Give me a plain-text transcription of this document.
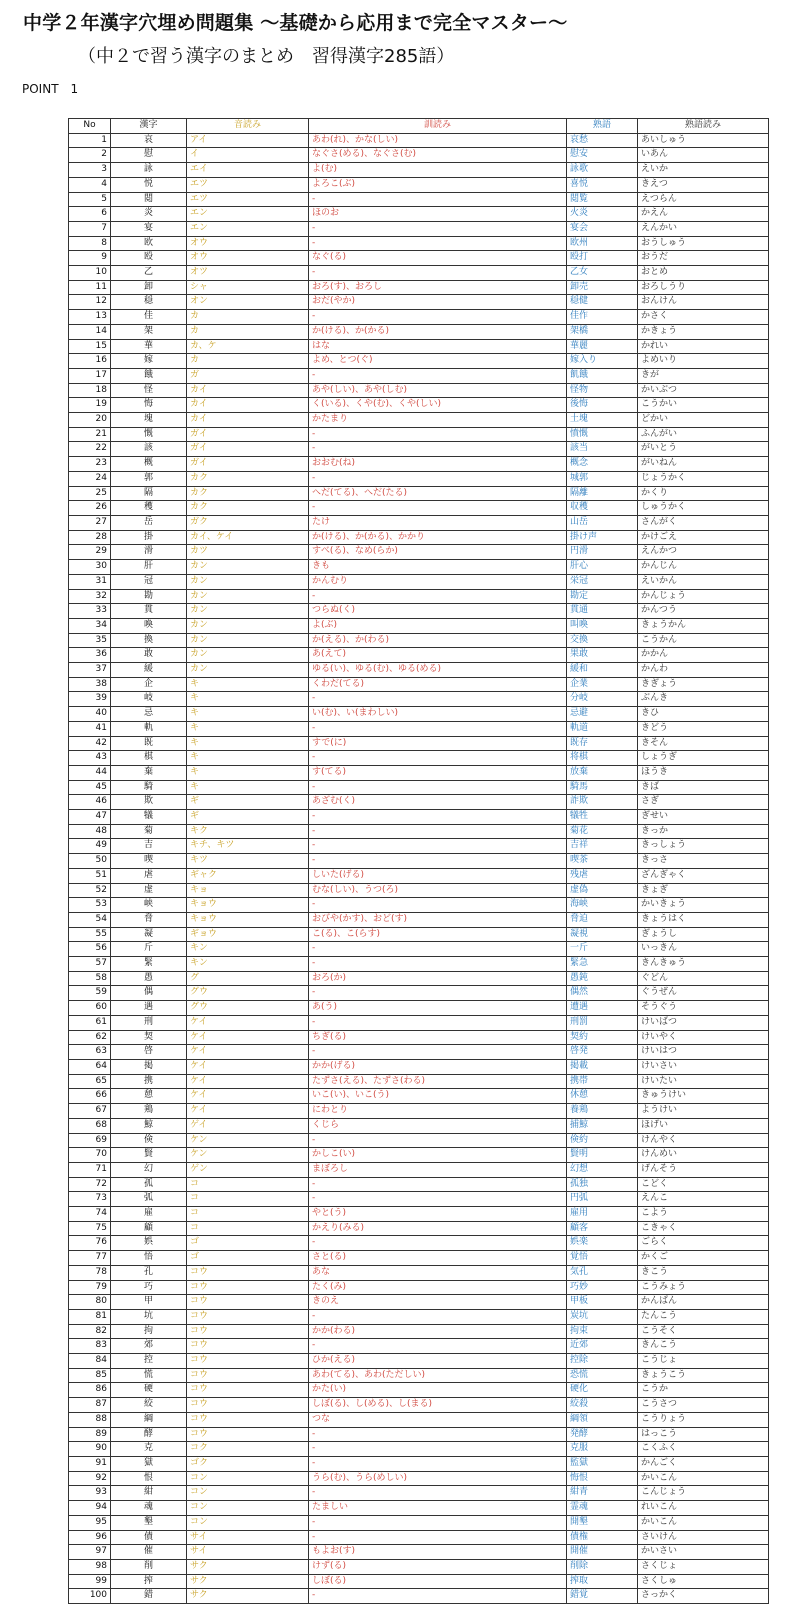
中学２年漢字穴埋め問題集 〜基礎から応用まで完全マスター〜
（中２で習う漢字のまとめ　習得漢字285語）
POINT　1
No	漢字	音読み	訓読み	熟語	熟語読み
1	哀	アイ	あわ(れ)、かな(しい)	哀愁	あいしゅう
2	慰	イ	なぐさ(める)、なぐさ(む)	慰安	いあん
3	詠	エイ	よ(む)	詠歌	えいか
4	悦	エツ	よろこ(ぶ)	喜悦	きえつ
5	閲	エツ	-	閲覧	えつらん
6	炎	エン	ほのお	火炎	かえん
7	宴	エン	-	宴会	えんかい
8	欧	オウ	-	欧州	おうしゅう
9	殴	オウ	なぐ(る)	殴打	おうだ
10	乙	オツ	-	乙女	おとめ
11	卸	シャ	おろ(す)、おろし	卸売	おろしうり
12	穏	オン	おだ(やか)	穏健	おんけん
13	佳	カ	-	佳作	かさく
14	架	カ	か(ける)、か(かる)	架橋	かきょう
15	華	カ、ケ	はな	華麗	かれい
16	嫁	カ	よめ、とつ(ぐ)	嫁入り	よめいり
17	餓	ガ	-	飢餓	きが
18	怪	カイ	あや(しい)、あや(しむ)	怪物	かいぶつ
19	悔	カイ	く(いる)、くや(む)、くや(しい)	後悔	こうかい
20	塊	カイ	かたまり	土塊	どかい
21	慨	ガイ	-	憤慨	ふんがい
22	該	ガイ	-	該当	がいとう
23	概	ガイ	おおむ(ね)	概念	がいねん
24	郭	カク	-	城郭	じょうかく
25	隔	カク	へだ(てる)、へだ(たる)	隔離	かくり
26	穫	カク	-	収穫	しゅうかく
27	岳	ガク	たけ	山岳	さんがく
28	掛	カイ、ケイ	か(ける)、か(かる)、かかり	掛け声	かけごえ
29	滑	カツ	すべ(る)、なめ(らか)	円滑	えんかつ
30	肝	カン	きも	肝心	かんじん
31	冠	カン	かんむり	栄冠	えいかん
32	勘	カン	-	勘定	かんじょう
33	貫	カン	つらぬ(く)	貫通	かんつう
34	喚	カン	よ(ぶ)	叫喚	きょうかん
35	換	カン	か(える)、か(わる)	交換	こうかん
36	敢	カン	あ(えて)	果敢	かかん
37	緩	カン	ゆる(い)、ゆる(む)、ゆる(める)	緩和	かんわ
38	企	キ	くわだ(てる)	企業	きぎょう
39	岐	キ	-	分岐	ぶんき
40	忌	キ	い(む)、い(まわしい)	忌避	きひ
41	軌	キ	-	軌道	きどう
42	既	キ	すで(に)	既存	きそん
43	棋	キ	-	将棋	しょうぎ
44	棄	キ	す(てる)	放棄	ほうき
45	騎	キ	-	騎馬	きば
46	欺	ギ	あざむ(く)	詐欺	さぎ
47	犠	ギ	-	犠牲	ぎせい
48	菊	キク	-	菊花	きっか
49	吉	キチ、キツ	-	吉祥	きっしょう
50	喫	キツ	-	喫茶	きっさ
51	虐	ギャク	しいた(げる)	残虐	ざんぎゃく
52	虚	キョ	むな(しい)、うつ(ろ)	虚偽	きょぎ
53	峡	キョウ	-	海峡	かいきょう
54	脅	キョウ	おびや(かす)、おど(す)	脅迫	きょうはく
55	凝	ギョウ	こ(る)、こ(らす)	凝視	ぎょうし
56	斤	キン	-	一斤	いっきん
57	緊	キン	-	緊急	きんきゅう
58	愚	グ	おろ(か)	愚鈍	ぐどん
59	偶	グウ	-	偶然	ぐうぜん
60	遇	グウ	あ(う)	遭遇	そうぐう
61	刑	ケイ	-	刑罰	けいばつ
62	契	ケイ	ちぎ(る)	契約	けいやく
63	啓	ケイ	-	啓発	けいはつ
64	掲	ケイ	かか(げる)	掲載	けいさい
65	携	ケイ	たずさ(える)、たずさ(わる)	携帯	けいたい
66	憩	ケイ	いこ(い)、いこ(う)	休憩	きゅうけい
67	鶏	ケイ	にわとり	養鶏	ようけい
68	鯨	ゲイ	くじら	捕鯨	ほげい
69	倹	ケン	-	倹約	けんやく
70	賢	ケン	かしこ(い)	賢明	けんめい
71	幻	ゲン	まぼろし	幻想	げんそう
72	孤	コ	-	孤独	こどく
73	弧	コ	-	円弧	えんこ
74	雇	コ	やと(う)	雇用	こよう
75	顧	コ	かえり(みる)	顧客	こきゃく
76	娯	ゴ	-	娯楽	ごらく
77	悟	ゴ	さと(る)	覚悟	かくご
78	孔	コウ	あな	気孔	きこう
79	巧	コウ	たく(み)	巧妙	こうみょう
80	甲	コウ	きのえ	甲板	かんぱん
81	坑	コウ	-	炭坑	たんこう
82	拘	コウ	かか(わる)	拘束	こうそく
83	郊	コウ	-	近郊	きんこう
84	控	コウ	ひか(える)	控除	こうじょ
85	慌	コウ	あわ(てる)、あわ(ただしい)	恐慌	きょうこう
86	硬	コウ	かた(い)	硬化	こうか
87	絞	コウ	しぼ(る)、し(める)、し(まる)	絞殺	こうさつ
88	綱	コウ	つな	綱領	こうりょう
89	酵	コウ	-	発酵	はっこう
90	克	コク	-	克服	こくふく
91	獄	ゴク	-	監獄	かんごく
92	恨	コン	うら(む)、うら(めしい)	悔恨	かいこん
93	紺	コン	-	紺青	こんじょう
94	魂	コン	たましい	霊魂	れいこん
95	墾	コン	-	開墾	かいこん
96	債	サイ	-	債権	さいけん
97	催	サイ	もよお(す)	開催	かいさい
98	削	サク	けず(る)	削除	さくじょ
99	搾	サク	しぼ(る)	搾取	さくしゅ
100	錯	サク	-	錯覚	さっかく
